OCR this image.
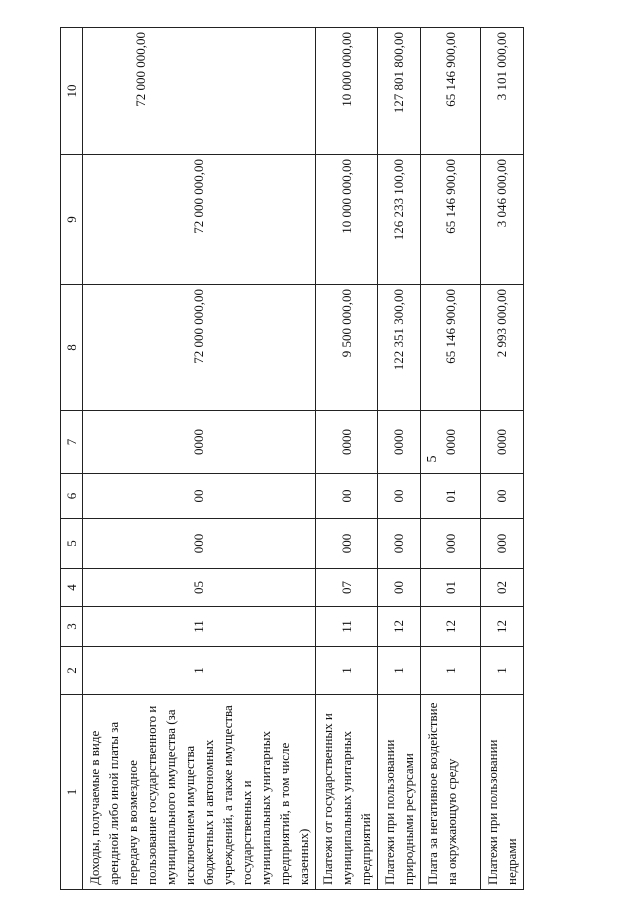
5
1	2	3	4	5	6	7	8	9	10
Доходы, получаемые в виде арендной либо иной платы за передачу в возмездное пользование государственного и муниципального имущества (за исключением имущества бюджетных и автономных учреждений, а также имущества государственных и муниципальных унитарных предприятий, в том числе казенных)	1	11	05	000	00	0000	72 000 000,00	72 000 000,00	72 000 000,00
Платежи от государственных и муниципальных унитарных предприятий	1	11	07	000	00	0000	9 500 000,00	10 000 000,00	10 000 000,00
Платежи при пользовании природными ресурсами	1	12	00	000	00	0000	122 351 300,00	126 233 100,00	127 801 800,00
Плата за негативное воздействие на окружающую среду	1	12	01	000	01	0000	65 146 900,00	65 146 900,00	65 146 900,00
Платежи при пользовании недрами	1	12	02	000	00	0000	2 993 000,00	3 046 000,00	3 101 000,00
